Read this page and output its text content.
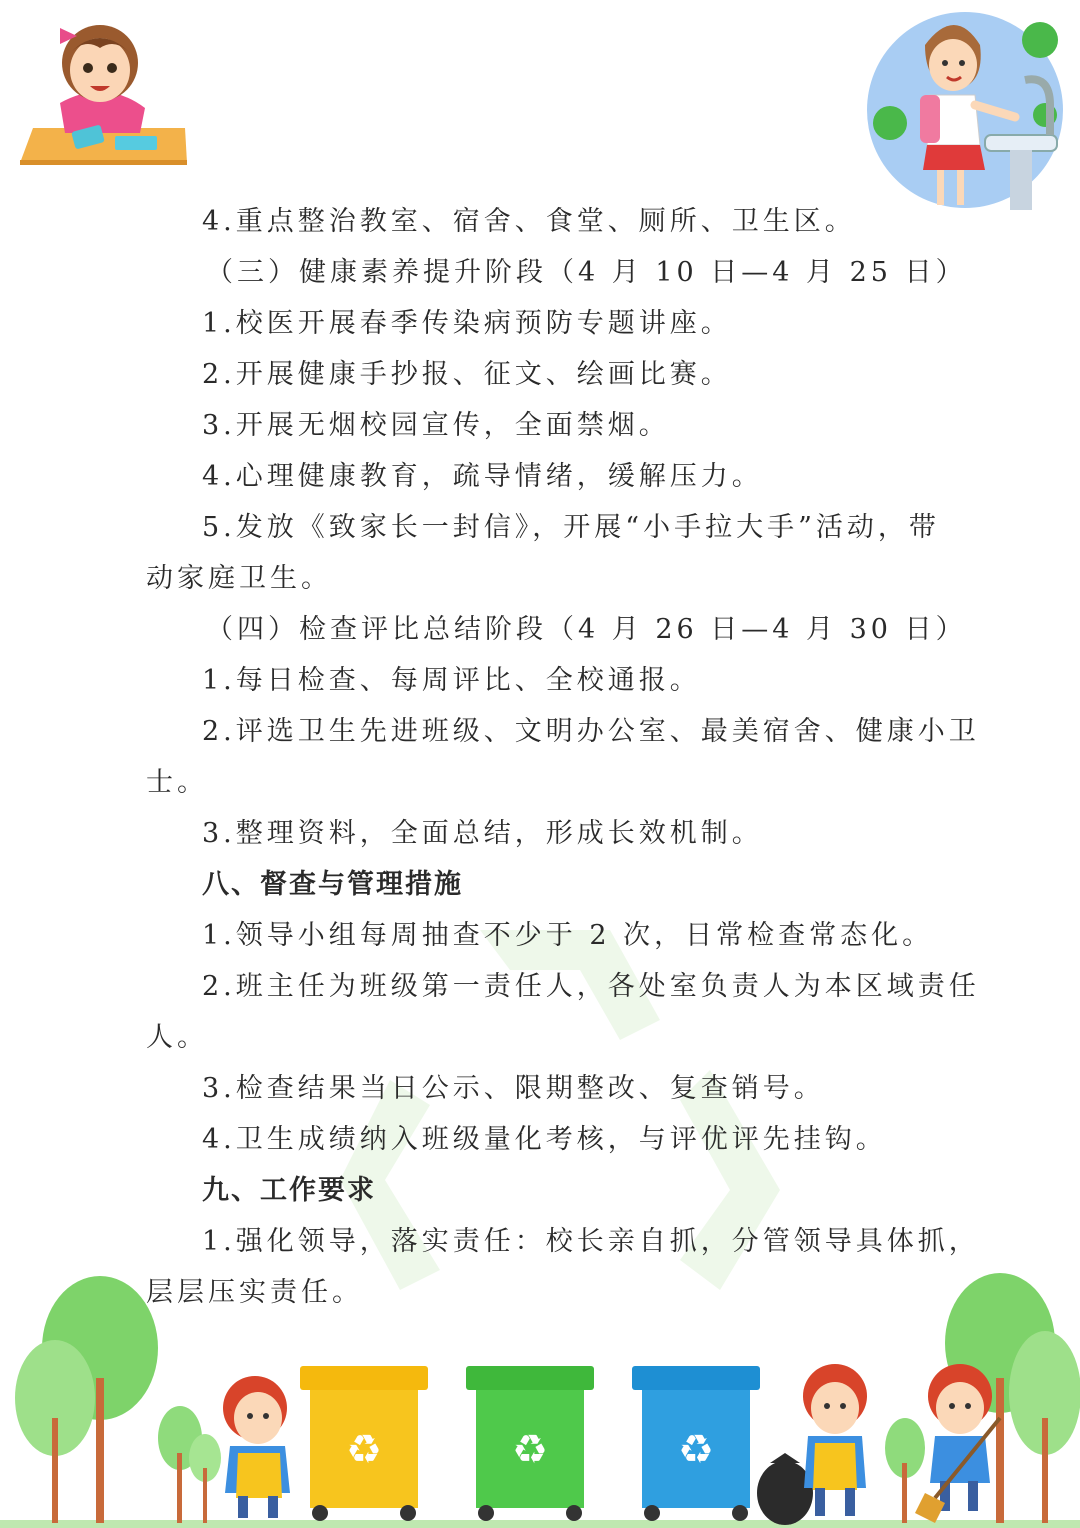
4.重点整治教室、宿舍、食堂、厕所、卫生区。

（三）健康素养提升阶段（4 月 10 日—4 月 25 日）

1.校医开展春季传染病预防专题讲座。

2.开展健康手抄报、征文、绘画比赛。

3.开展无烟校园宣传，全面禁烟。

4.心理健康教育，疏导情绪，缓解压力。

5.发放《致家长一封信》，开展“小手拉大手”活动，带

动家庭卫生。

（四）检查评比总结阶段（4 月 26 日—4 月 30 日）

1.每日检查、每周评比、全校通报。

2.评选卫生先进班级、文明办公室、最美宿舍、健康小卫

士。

3.整理资料，全面总结，形成长效机制。

八、督查与管理措施

1.领导小组每周抽查不少于 2 次，日常检查常态化。

2.班主任为班级第一责任人，各处室负责人为本区域责任

人。

3.检查结果当日公示、限期整改、复查销号。

4.卫生成绩纳入班级量化考核，与评优评先挂钩。

九、工作要求

1.强化领导，落实责任：校长亲自抓，分管领导具体抓，

层层压实责任。

♻	♻	♻
